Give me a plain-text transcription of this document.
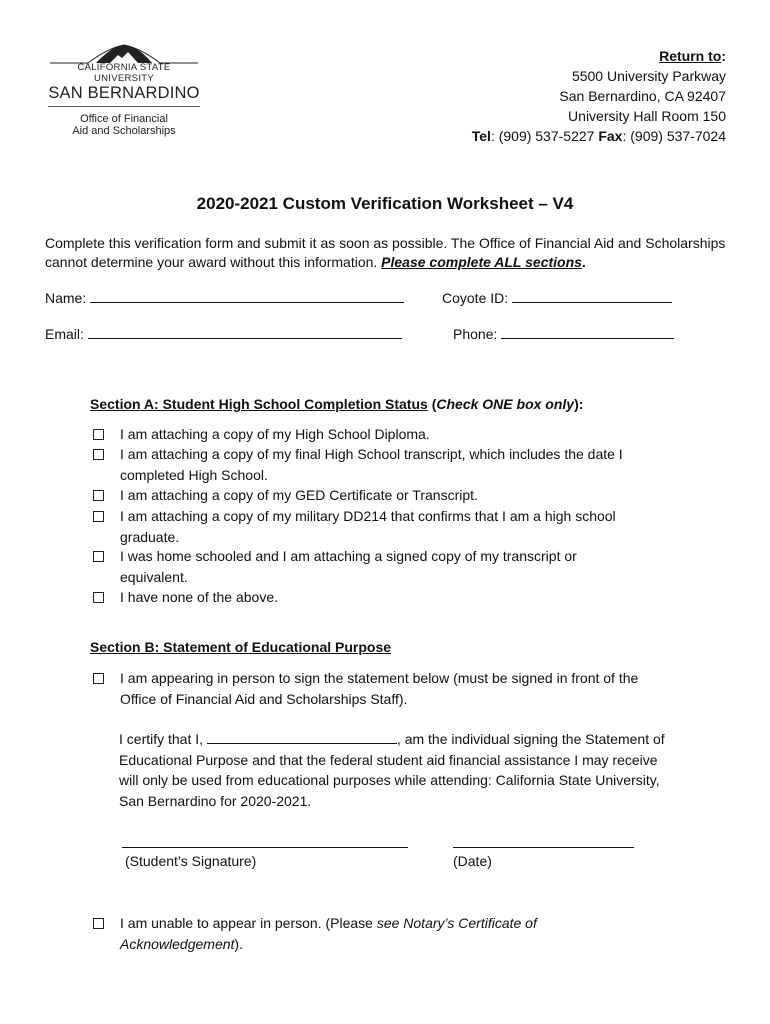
CALIFORNIA STATE UNIVERSITY
SAN BERNARDINO
Office of Financial
Aid and Scholarships
Return to:
5500 University Parkway
San Bernardino, CA 92407
University Hall Room 150
Tel: (909) 537-5227 Fax: (909) 537-7024
2020-2021 Custom Verification Worksheet – V4
Complete this verification form and submit it as soon as possible. The Office of Financial Aid and Scholarships cannot determine your award without this information. Please complete ALL sections.
Name:	Coyote ID:
Email:	Phone:
Section A: Student High School Completion Status (Check ONE box only):
I am attaching a copy of my High School Diploma.
I am attaching a copy of my final High School transcript, which includes the date I completed High School.
I am attaching a copy of my GED Certificate or Transcript.
I am attaching a copy of my military DD214 that confirms that I am a high school graduate.
I was home schooled and I am attaching a signed copy of my transcript or equivalent.
I have none of the above.
Section B: Statement of Educational Purpose
I am appearing in person to sign the statement below (must be signed in front of the Office of Financial Aid and Scholarships Staff).
I certify that I,	, am the individual signing the Statement of Educational Purpose and that the federal student aid financial assistance I may receive will only be used from educational purposes while attending: California State University, San Bernardino for 2020-2021.
(Student’s Signature)	(Date)
I am unable to appear in person. (Please see Notary’s Certificate of Acknowledgement).
